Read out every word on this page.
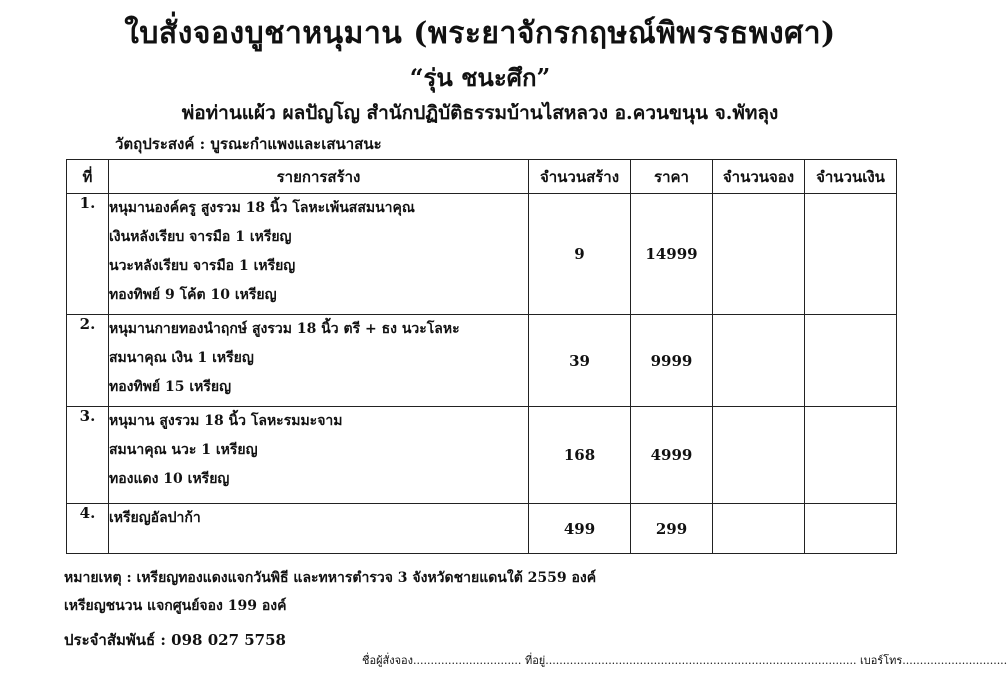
ใบสั่งจองบูชาหนุมาน (พระยาจักรกฤษณ์พิพรรธพงศา)
“รุ่น ชนะศึก”
พ่อท่านแผ้ว ผลปัญโญ สำนักปฏิบัติธรรมบ้านไสหลวง อ.ควนขนุน จ.พัทลุง
วัตถุประสงค์ : บูรณะกำแพงและเสนาสนะ
ที่	รายการสร้าง	จำนวนสร้าง	ราคา	จำนวนจอง	จำนวนเงิน
1.	หนุมานองค์ครู สูงรวม 18 นิ้ว โลหะเพ้นสสมนาคุณ
เงินหลังเรียบ จารมือ 1 เหรียญ
นวะหลังเรียบ จารมือ 1 เหรียญ
ทองทิพย์ 9 โค้ต 10 เหรียญ	9	14999		
2.	หนุมานกายทองนำฤกษ์ สูงรวม 18 นิ้ว ตรี + ธง นวะโลหะ
สมนาคุณ เงิน 1 เหรียญ
ทองทิพย์ 15 เหรียญ	39	9999		
3.	หนุมาน สูงรวม 18 นิ้ว โลหะรมมะจาม
สมนาคุณ นวะ 1 เหรียญ
ทองแดง 10 เหรียญ	168	4999		
4.	เหรียญอัลปาก้า	499	299		
หมายเหตุ : เหรียญทองแดงแจกวันพิธี และทหารตำรวจ 3 จังหวัดชายแดนใต้ 2559 องค์
เหรียญชนวน แจกศูนย์จอง 199 องค์
ประจำสัมพันธ์ : 098 027 5758
ชื่อผู้สั่งจอง............................... ที่อยู่......................................................................................... เบอร์โทร..............................
